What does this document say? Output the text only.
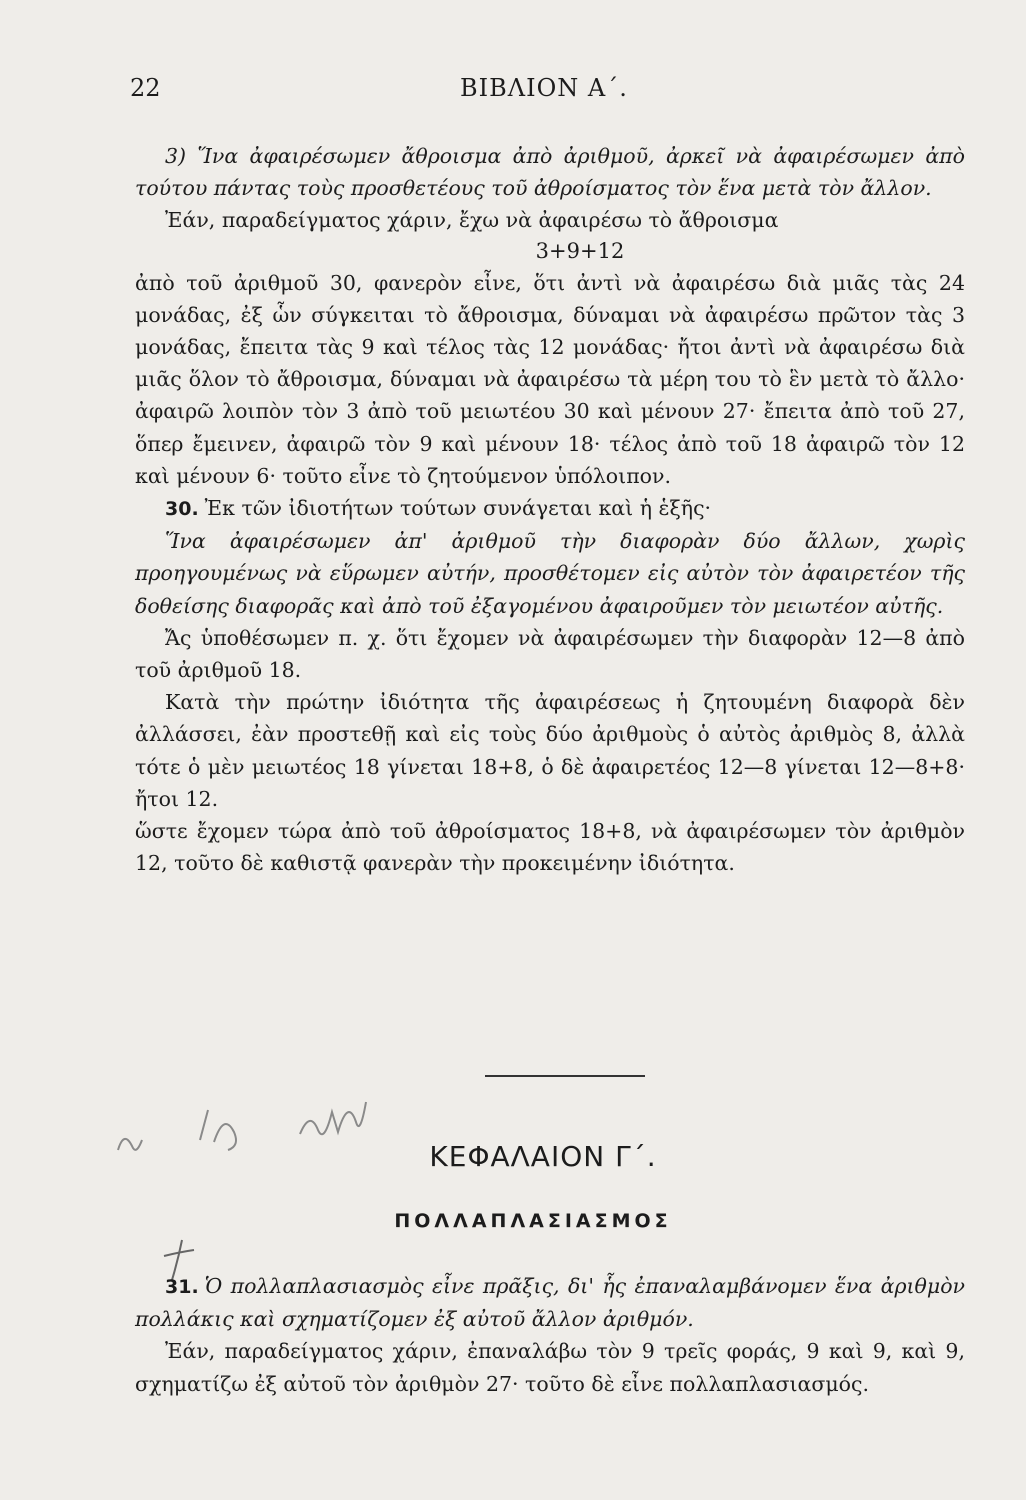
22	ΒΙΒΛΙΟΝ Α΄.

3) Ἵνα ἀφαιρέσωμεν ἄθροισμα ἀπὸ ἀριθμοῦ, ἀρκεῖ νὰ ἀφαιρέσωμεν ἀπὸ τούτου πάντας τοὺς προσθετέους τοῦ ἀθροίσματος τὸν ἕνα μετὰ τὸν ἄλλον.

Ἐάν, παραδείγματος χάριν, ἔχω νὰ ἀφαιρέσω τὸ ἄθροισμα

3+9+12

ἀπὸ τοῦ ἀριθμοῦ 30, φανερὸν εἶνε, ὅτι ἀντὶ νὰ ἀφαιρέσω διὰ μιᾶς τὰς 24 μονάδας, ἐξ ὧν σύγκειται τὸ ἄθροισμα, δύναμαι νὰ ἀφαιρέσω πρῶτον τὰς 3 μονάδας, ἔπειτα τὰς 9 καὶ τέλος τὰς 12 μονάδας· ἤτοι ἀντὶ νὰ ἀφαιρέσω διὰ μιᾶς ὅλον τὸ ἄθροισμα, δύναμαι νὰ ἀφαιρέσω τὰ μέρη του τὸ ἓν μετὰ τὸ ἄλλο· ἀφαιρῶ λοιπὸν τὸν 3 ἀπὸ τοῦ μειωτέου 30 καὶ μένουν 27· ἔπειτα ἀπὸ τοῦ 27, ὅπερ ἔμεινεν, ἀφαιρῶ τὸν 9 καὶ μένουν 18· τέλος ἀπὸ τοῦ 18 ἀφαιρῶ τὸν 12 καὶ μένουν 6· τοῦτο εἶνε τὸ ζητούμενον ὑπόλοιπον.

30. Ἐκ τῶν ἰδιοτήτων τούτων συνάγεται καὶ ἡ ἑξῆς·

Ἵνα ἀφαιρέσωμεν ἀπ' ἀριθμοῦ τὴν διαφορὰν δύο ἄλλων, χωρὶς προηγουμένως νὰ εὕρωμεν αὐτήν, προσθέτομεν εἰς αὐτὸν τὸν ἀφαιρετέον τῆς δοθείσης διαφορᾶς καὶ ἀπὸ τοῦ ἐξαγομένου ἀφαιροῦμεν τὸν μειωτέον αὐτῆς.

Ἄς ὑποθέσωμεν π. χ. ὅτι ἔχομεν νὰ ἀφαιρέσωμεν τὴν διαφορὰν 12—8 ἀπὸ τοῦ ἀριθμοῦ 18.

Κατὰ τὴν πρώτην ἰδιότητα τῆς ἀφαιρέσεως ἡ ζητουμένη διαφορὰ δὲν ἀλλάσσει, ἐὰν προστεθῇ καὶ εἰς τοὺς δύο ἀριθμοὺς ὁ αὐτὸς ἀριθμὸς 8, ἀλλὰ τότε ὁ μὲν μειωτέος 18 γίνεται 18+8, ὁ δὲ ἀφαιρετέος 12—8 γίνεται 12—8+8· ἤτοι 12.

ὥστε ἔχομεν τώρα ἀπὸ τοῦ ἀθροίσματος 18+8, νὰ ἀφαιρέσωμεν τὸν ἀριθμὸν 12, τοῦτο δὲ καθιστᾷ φανερὰν τὴν προκειμένην ἰδιότητα.

ΚΕΦΑΛΑΙΟΝ Γ΄.
ΠΟΛΛΑΠΛΑΣΙΑΣΜΟΣ

31. Ὁ πολλαπλασιασμὸς εἶνε πρᾶξις, δι' ἧς ἐπαναλαμβάνομεν ἕνα ἀριθμὸν πολλάκις καὶ σχηματίζομεν ἐξ αὐτοῦ ἄλλον ἀριθμόν.

Ἐάν, παραδείγματος χάριν, ἐπαναλάβω τὸν 9 τρεῖς φοράς, 9 καὶ 9, καὶ 9, σχηματίζω ἐξ αὐτοῦ τὸν ἀριθμὸν 27· τοῦτο δὲ εἶνε πολλαπλασιασμός.
